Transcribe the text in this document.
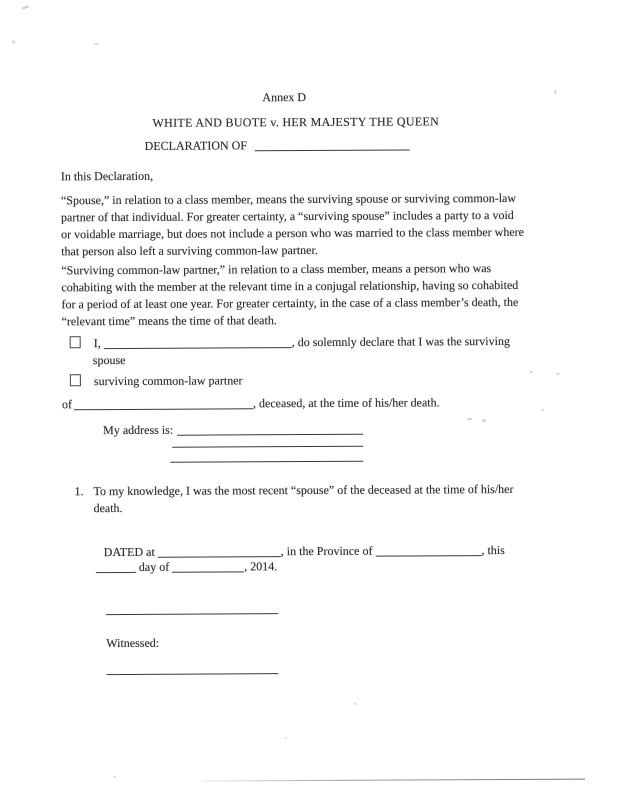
Annex D
WHITE AND BUOTE v. HER MAJESTY THE QUEEN
DECLARATION OF
In this Declaration,
“Spouse,” in relation to a class member, means the surviving spouse or surviving common-law
partner of that individual. For greater certainty, a “surviving spouse” includes a party to a void
or voidable marriage, but does not include a person who was married to the class member where
that person also left a surviving common-law partner.
“Surviving common-law partner,” in relation to a class member, means a person who was
cohabiting with the member at the relevant time in a conjugal relationship, having so cohabited
for a period of at least one year. For greater certainty, in the case of a class member’s death, the
“relevant time” means the time of that death.
I,	, do solemnly declare that I was the surviving
spouse
surviving common-law partner
of	, deceased, at the time of his/her death.
My address is:
1. To my knowledge, I was the most recent “spouse” of the deceased at the time of his/her
death.
DATED at	, in the Province of	, this
day of	, 2014.
Witnessed:
